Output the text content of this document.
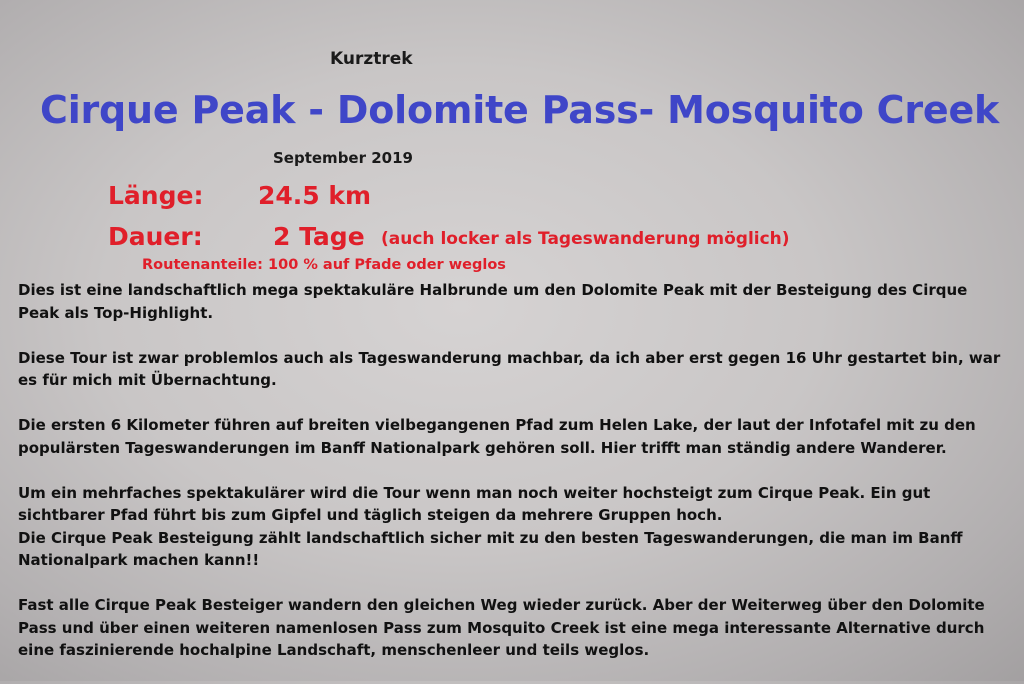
Kurztrek
Cirque Peak - Dolomite Pass- Mosquito Creek
September 2019
Länge: 24.5 km
Dauer:	2 Tage (auch locker als Tageswanderung möglich)
Routenanteile: 100 % auf Pfade oder weglos

Dies ist eine landschaftlich mega spektakuläre Halbrunde um den Dolomite Peak mit der Besteigung des Cirque Peak als Top-Highlight.

Diese Tour ist zwar problemlos auch als Tageswanderung machbar, da ich aber erst gegen 16 Uhr gestartet bin, war es für mich mit Übernachtung.

Die ersten 6 Kilometer führen auf breiten vielbegangenen Pfad zum Helen Lake, der laut der Infotafel mit zu den populärsten Tageswanderungen im Banff Nationalpark gehören soll. Hier trifft man ständig andere Wanderer.

Um ein mehrfaches spektakulärer wird die Tour wenn man noch weiter hochsteigt zum Cirque Peak. Ein gut sichtbarer Pfad führt bis zum Gipfel und täglich steigen da mehrere Gruppen hoch.

Die Cirque Peak Besteigung zählt landschaftlich sicher mit zu den besten Tageswanderungen, die man im Banff Nationalpark machen kann!!

Fast alle Cirque Peak Besteiger wandern den gleichen Weg wieder zurück. Aber der Weiterweg über den Dolomite Pass und über einen weiteren namenlosen Pass zum Mosquito Creek ist eine mega interessante Alternative durch eine faszinierende hochalpine Landschaft, menschenleer und teils weglos.
